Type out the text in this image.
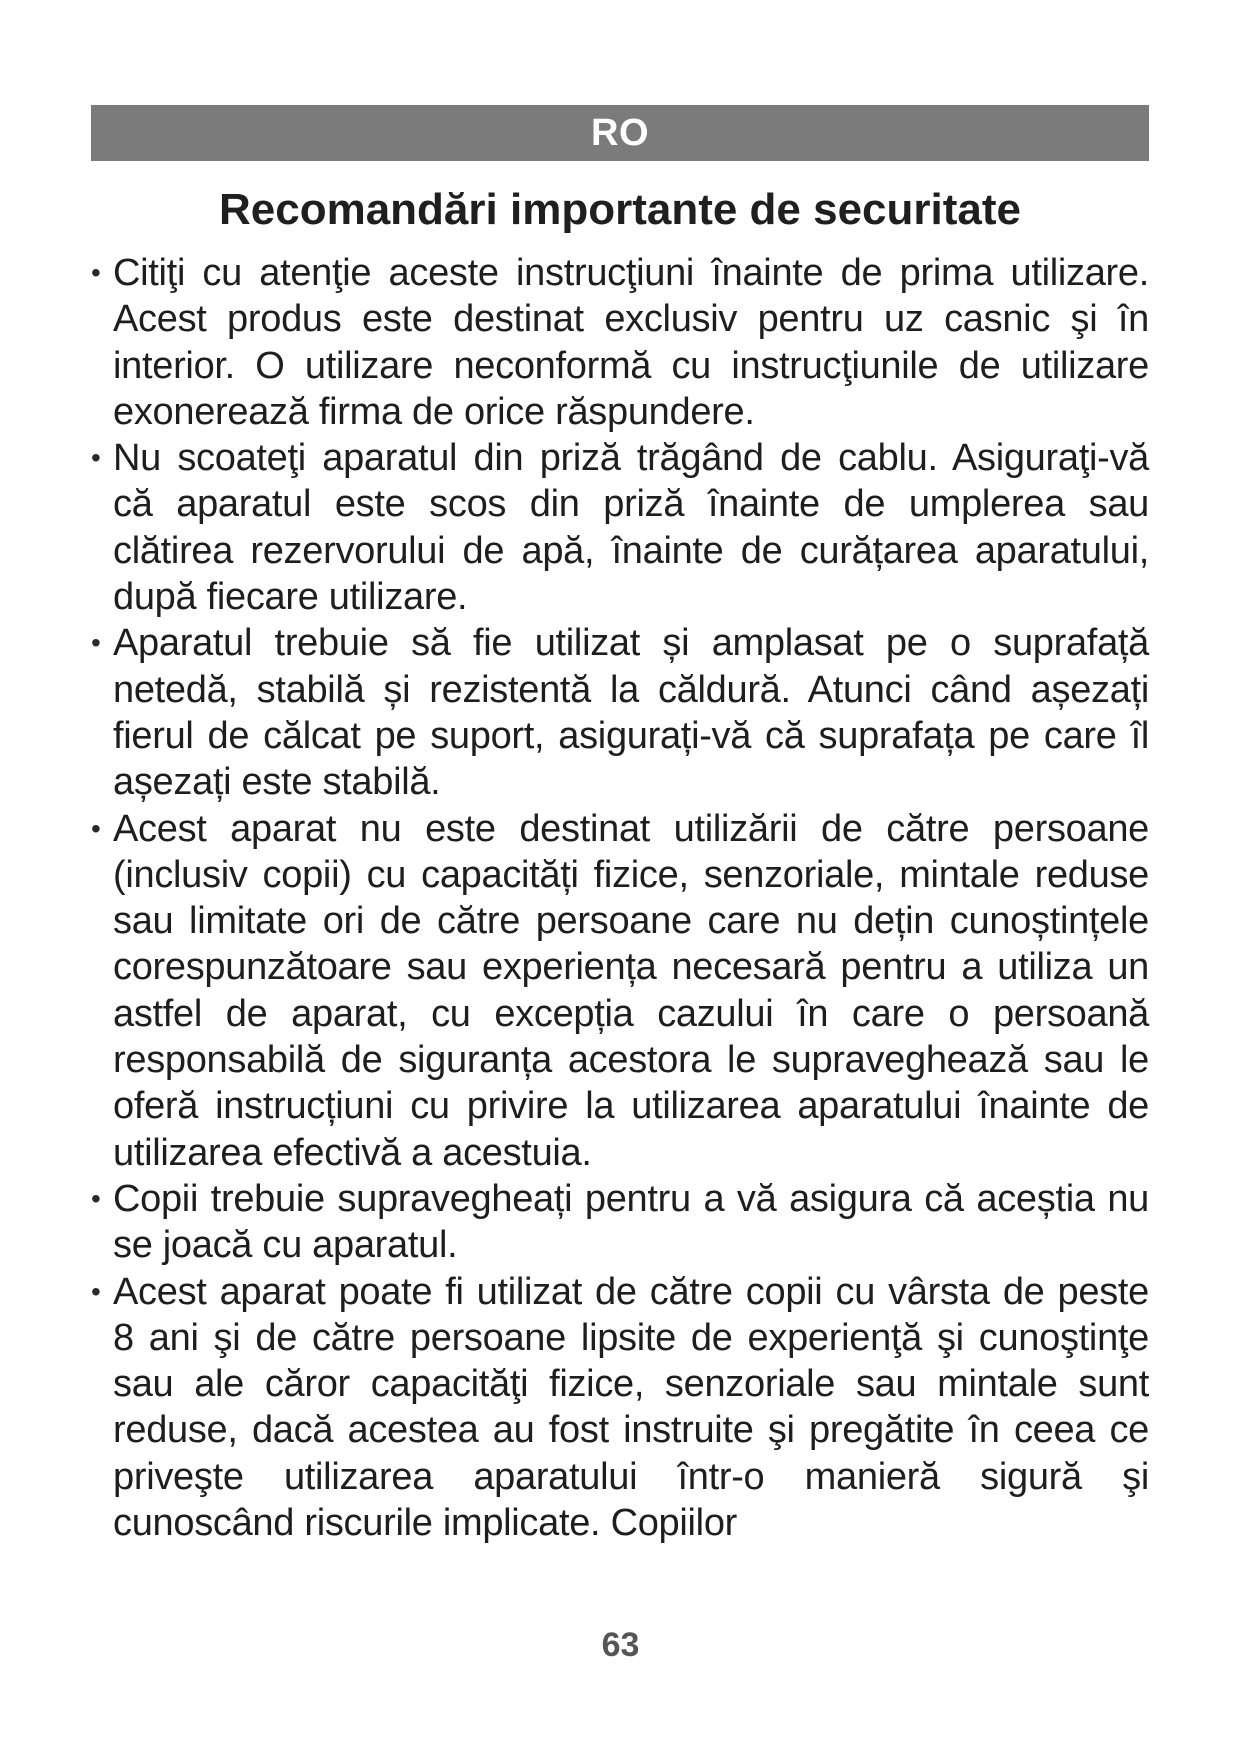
RO
Recomandări importante de securitate
• Citiţi cu atenţie aceste instrucţiuni înainte de prima utilizare. Acest produs este destinat exclusiv pentru uz casnic şi în interior. O utilizare neconformă cu instrucţiunile de utilizare exonerează firma de orice răspundere.
• Nu scoateţi aparatul din priză trăgând de cablu. Asiguraţi-vă că aparatul este scos din priză înainte de umplerea sau clătirea rezervorului de apă, înainte de curățarea aparatului, după fiecare utilizare.
• Aparatul trebuie să fie utilizat și amplasat pe o suprafață netedă, stabilă și rezistentă la căldură. Atunci când așezați fierul de călcat pe suport, asigurați-vă că suprafața pe care îl așezați este stabilă.
• Acest aparat nu este destinat utilizării de către persoane (inclusiv copii) cu capacități fizice, senzoriale, mintale reduse sau limitate ori de către persoane care nu dețin cunoștințele corespunzătoare sau experiența necesară pentru a utiliza un astfel de aparat, cu excepția cazului în care o persoană responsabilă de siguranța acestora le supraveghează sau le oferă instrucțiuni cu privire la utilizarea aparatului înainte de utilizarea efectivă a acestuia.
• Copii trebuie supravegheați pentru a vă asigura că aceștia nu se joacă cu aparatul.
• Acest aparat poate fi utilizat de către copii cu vârsta de peste 8 ani şi de către persoane lipsite de experienţă şi cunoştinţe sau ale căror capacităţi fizice, senzoriale sau mintale sunt reduse, dacă acestea au fost instruite şi pregătite în ceea ce priveşte utilizarea aparatului într-o manieră sigură şi cunoscând riscurile implicate. Copiilor
63
